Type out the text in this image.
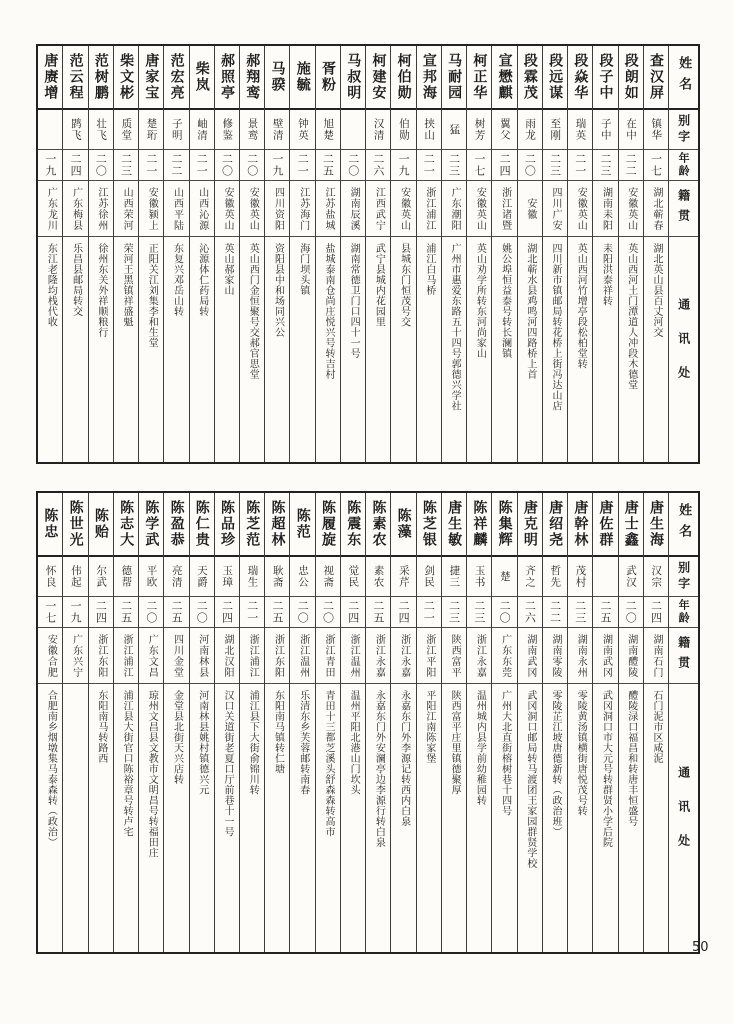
姓名
别字
年龄
籍贯
通讯处
查汉屏
镇华
一七
湖北蕲春
湖北英山县百丈河交
段朗如
在中
二二
安徽英山
英山西河土门潭道人冲段木德堂
段子中
子中
二三
湖南耒阳
耒阳洪泰祥转
段焱华
瑞英
二一
安徽英山
英山西河竹增亭段松柏堂转
段远谋
至刚
二三
四川广安
四川新市镇邮局转花桥上街冯达山店
段霖茂
雨龙
二〇
安徽
湖北蕲水县鸡鸣河四路桥上首
宣懋麒
翼父
二四
浙江诸暨
姚公埠恒益泰号转长澜镇
柯正华
树芳
一七
安徽英山
英山劝学所转东河尚家山
马耐园
猛
二三
广东潮阳
广州市惠爱东路五十四号郭德兴学社
宣邦海
挟山
二一
浙江浦江
浦江白马桥
柯伯勋
伯勋
一九
安徽英山
县城东门恒茂号交
柯建安
汉清
二六
江西武宁
武宁县城内花园里
马叔明
二〇
湖南辰溪
湖南常德卫门口四十一号
胥粉
旭楚
二五
江苏盐城
盐城泰南仓尚庄悦兴号转吉村
施毓
钟英
二一
江苏海门
海门坝头镇
马骙
壁清
一九
四川资阳
资阳县中和场同兴公
郝翔鸾
景鸾
二〇
安徽英山
英山西门金恒聚号交郝官思堂
郝照亭
修鉴
二〇
安徽英山
英山郝家山
柴岚
岫清
二一
山西沁源
沁源体仁药局转
范宏亮
子明
二二
山西平陆
东复兴邓岳山转
唐家宝
楚珩
二一
安徽颍上
正阳关江刘集李和生堂
柴文彬
质堂
二三
山西荣河
荣河王黑镇祥盛魁
范树鹏
壮飞
二〇
江苏徐州
徐州东关外祥顺粮行
范云程
鹍飞
二四
广东梅县
乐昌县邮局转交
唐赓增
一九
广东龙川
东江老隆均栈代收
姓名
别字
年龄
籍贯
通讯处
唐生海
汉宗
二四
湖南石门
石门泥市区咸泥
唐士鑫
武汉
二〇
湖南醴陵
醴陵渌口福昌和转唐丰恒盛号
唐佐群
二五
湖南武冈
武冈洞口市大元号转群贤小学后院
唐幹林
茂村
二三
湖南永州
零陵黄汤镇横街唐悦茂号转
唐绍尧
哲先
二二
湖南零陵
零陵芷江坡唐德新转（政治班）
唐克明
齐之
二六
湖南武冈
武冈洞口邮局转马渡团王家园群贤学校
陈集辉
楚
二〇
广东东莞
广州大北直街榕树巷十四号
陈祥麟
玉书
二三
浙江永嘉
温州城内县学前幼稚园转
唐生敏
捷三
二三
陕西富平
陕西富平庄里镇德聚厚
陈芝银
剑民
二一
浙江平阳
平阳江南陈家堡
陈藻
采芹
二四
浙江永嘉
永嘉东门外李源记转西内白泉
陈素农
素农
二五
浙江永嘉
永嘉东门外安澜亭边李源行转白泉
陈震东
觉民
二四
浙江温州
温州平阳北港山门坎头
陈履旋
视斋
二〇
浙江青田
青田十三都芝溪头舒森森转高市
陈范
忠公
二〇
浙江温州
乐清东乡芙蓉邮转南春
陈超林
耿斋
二五
浙江东阳
东阳南马镇转仁塘
陈芝范
瑞生
二一
浙江浦江
浦江县下大街俞锦川转
陈品珍
玉璋
二四
湖北汉阳
汉口关道街老夏口厅前巷十一号
陈仁贵
天爵
二〇
河南林县
河南林县姚村镇德兴元
陈盈恭
亮清
二五
四川金堂
金堂县北街天兴店转
陈学武
平欧
二〇
广东文昌
琼州文昌县文教市文明昌号转福田庄
陈志大
德帮
二五
浙江浦江
浦江县大街官口陈裕章号转卢宅
陈贻
尔武
二四
浙江东阳
东阳南马转路西
陈世光
伟起
一九
广东兴宁
陈忠
怀良
一七
安徽合肥
合肥南乡烟墩集马泰森转（政治）
50
